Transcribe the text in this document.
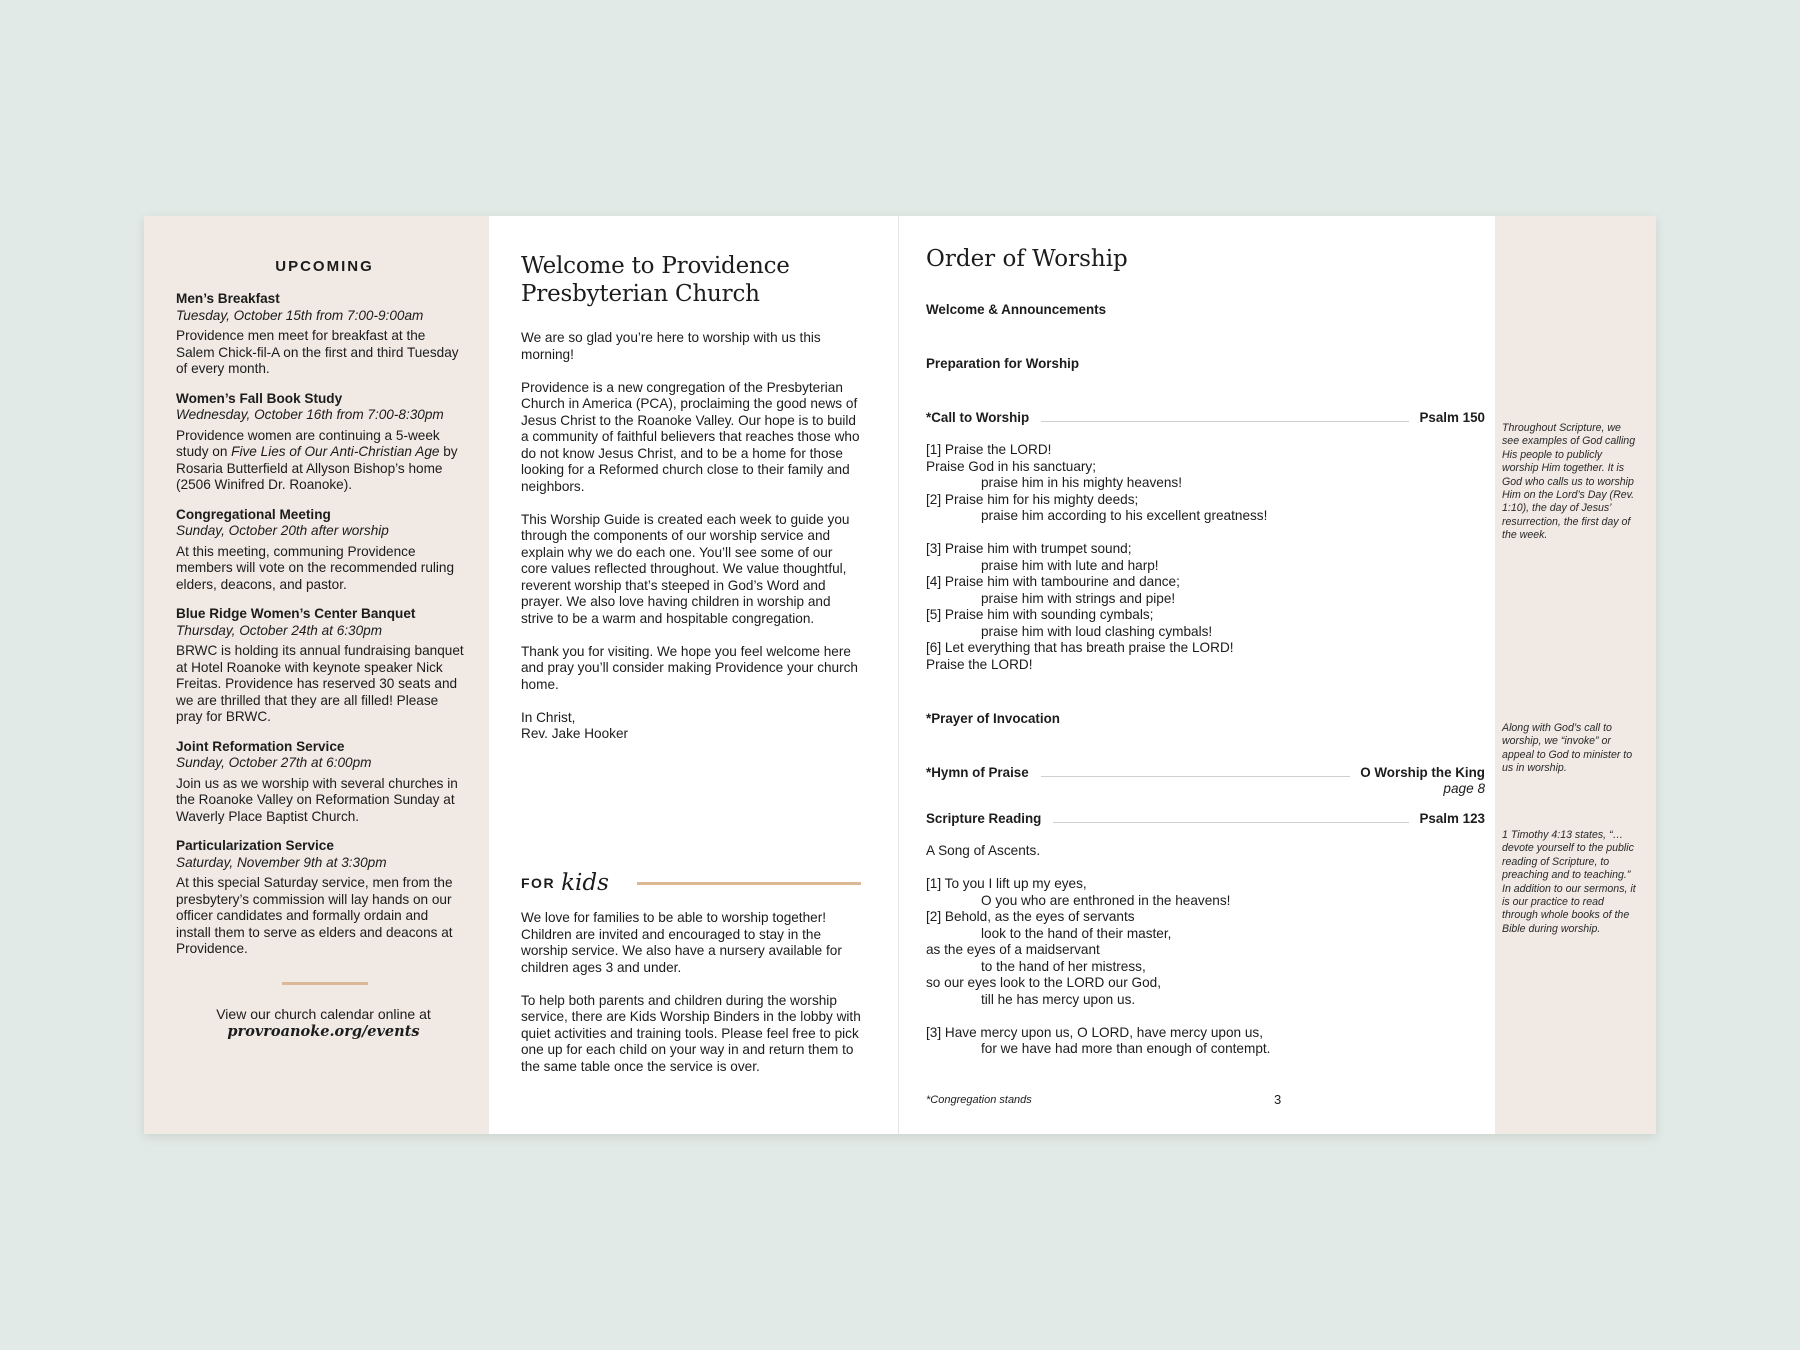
UPCOMING
Men’s Breakfast
Tuesday, October 15th from 7:00-9:00am
Providence men meet for breakfast at the Salem Chick-fil-A on the first and third Tuesday of every month.
Women’s Fall Book Study
Wednesday, October 16th from 7:00-8:30pm
Providence women are continuing a 5-week study on Five Lies of Our Anti-Christian Age by Rosaria Butterfield at Allyson Bishop’s home (2506 Winifred Dr. Roanoke).
Congregational Meeting
Sunday, October 20th after worship
At this meeting, communing Providence members will vote on the recommended ruling elders, deacons, and pastor.
Blue Ridge Women’s Center Banquet
Thursday, October 24th at 6:30pm
BRWC is holding its annual fundraising banquet at Hotel Roanoke with keynote speaker Nick Freitas. Providence has reserved 30 seats and we are thrilled that they are all filled! Please pray for BRWC.
Joint Reformation Service
Sunday, October 27th at 6:00pm
Join us as we worship with several churches in the Roanoke Valley on Reformation Sunday at Waverly Place Baptist Church.
Particularization Service
Saturday, November 9th at 3:30pm
At this special Saturday service, men from the presbytery’s commission will lay hands on our officer candidates and formally ordain and install them to serve as elders and deacons at Providence.
View our church calendar online at
provroanoke.org/events
Welcome to Providence Presbyterian Church

We are so glad you’re here to worship with us this morning!

Providence is a new congregation of the Presbyterian Church in America (PCA), proclaiming the good news of Jesus Christ to the Roanoke Valley. Our hope is to build a community of faithful believers that reaches those who do not know Jesus Christ, and to be a home for those looking for a Reformed church close to their family and neighbors.

This Worship Guide is created each week to guide you through the components of our worship service and explain why we do each one. You’ll see some of our core values reflected throughout. We value thoughtful, reverent worship that’s steeped in God’s Word and prayer. We also love having children in worship and strive to be a warm and hospitable congregation.

Thank you for visiting. We hope you feel welcome here and pray you’ll consider making Providence your church home.

In Christ,
Rev. Jake Hooker

FOR kids

We love for families to be able to worship together! Children are invited and encouraged to stay in the worship service. We also have a nursery available for children ages 3 and under.

To help both parents and children during the worship service, there are Kids Worship Binders in the lobby with quiet activities and training tools. Please feel free to pick one up for each child on your way in and return them to the same table once the service is over.

Order of Worship
Welcome & Announcements
Preparation for Worship
*Call to Worship	Psalm 150
[1] Praise the LORD!
Praise God in his sanctuary;
praise him in his mighty heavens!
[2] Praise him for his mighty deeds;
praise him according to his excellent greatness!
[3] Praise him with trumpet sound;
praise him with lute and harp!
[4] Praise him with tambourine and dance;
praise him with strings and pipe!
[5] Praise him with sounding cymbals;
praise him with loud clashing cymbals!
[6] Let everything that has breath praise the LORD!
Praise the LORD!
*Prayer of Invocation
*Hymn of Praise	O Worship the King
page 8
Scripture Reading	Psalm 123
A Song of Ascents.
[1] To you I lift up my eyes,
O you who are enthroned in the heavens!
[2] Behold, as the eyes of servants
look to the hand of their master,
as the eyes of a maidservant
to the hand of her mistress,
so our eyes look to the LORD our God,
till he has mercy upon us.
[3] Have mercy upon us, O LORD, have mercy upon us,
for we have had more than enough of contempt.
*Congregation stands	3
Throughout Scripture, we see examples of God calling His people to publicly worship Him together. It is God who calls us to worship Him on the Lord’s Day (Rev. 1:10), the day of Jesus’ resurrection, the first day of the week.
Along with God’s call to worship, we “invoke” or appeal to God to minister to us in worship.
1 Timothy 4:13 states, “…devote yourself to the public reading of Scripture, to preaching and to teaching.” In addition to our sermons, it is our practice to read through whole books of the Bible during worship.
